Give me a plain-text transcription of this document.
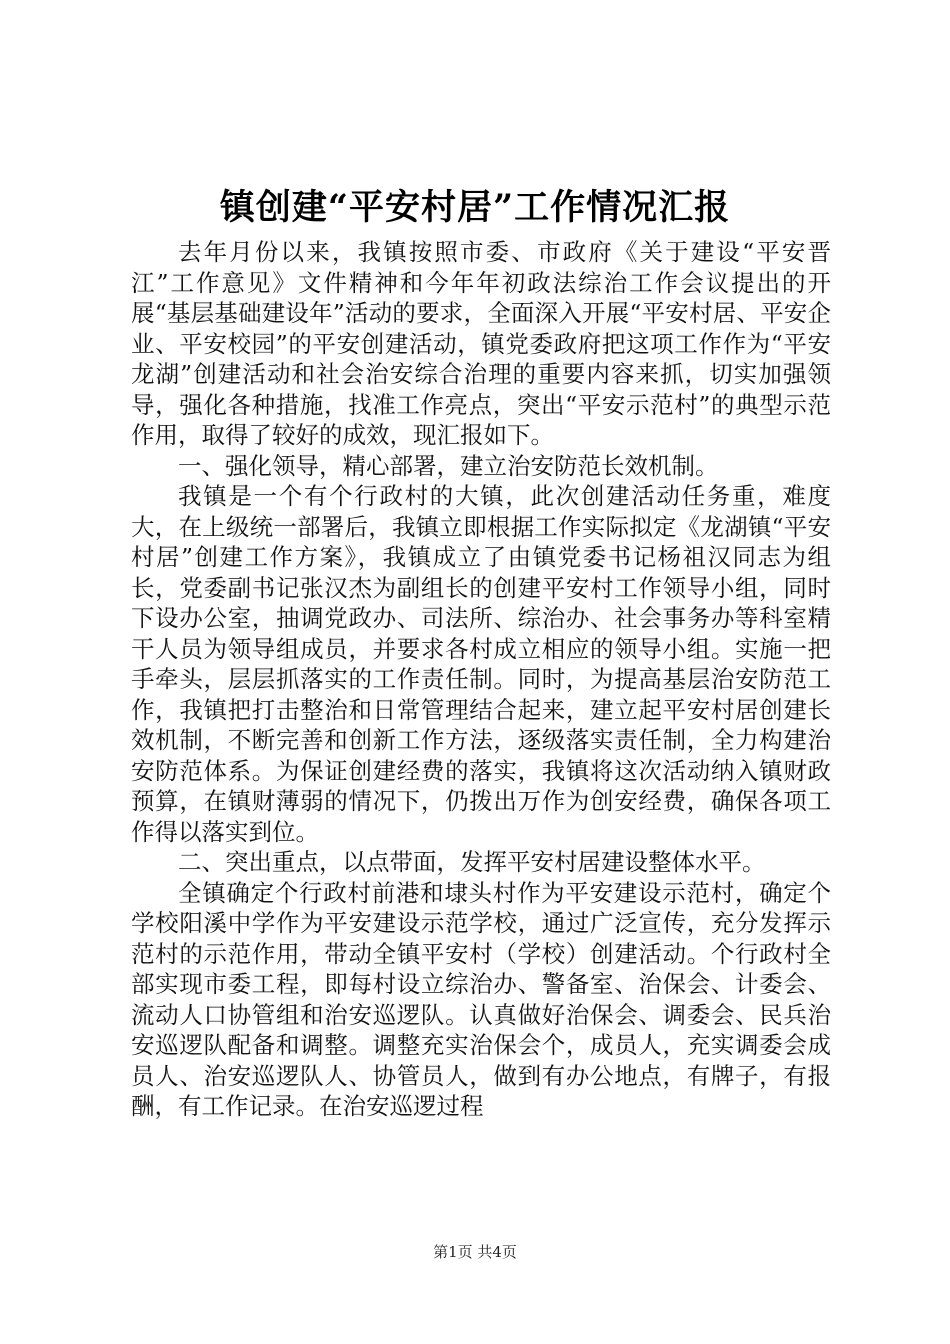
镇创建“平安村居”工作情况汇报

去年月份以来，我镇按照市委、市政府《关于建设“平安晋江”工作意见》文件精神和今年年初政法综治工作会议提出的开展“基层基础建设年”活动的要求，全面深入开展“平安村居、平安企业、平安校园”的平安创建活动，镇党委政府把这项工作作为“平安龙湖”创建活动和社会治安综合治理的重要内容来抓，切实加强领导，强化各种措施，找准工作亮点，突出“平安示范村”的典型示范作用，取得了较好的成效，现汇报如下。

一、强化领导，精心部署，建立治安防范长效机制。

我镇是一个有个行政村的大镇，此次创建活动任务重，难度大，在上级统一部署后，我镇立即根据工作实际拟定《龙湖镇“平安村居”创建工作方案》，我镇成立了由镇党委书记杨祖汉同志为组长，党委副书记张汉杰为副组长的创建平安村工作领导小组，同时下设办公室，抽调党政办、司法所、综治办、社会事务办等科室精干人员为领导组成员，并要求各村成立相应的领导小组。实施一把手牵头，层层抓落实的工作责任制。同时，为提高基层治安防范工作，我镇把打击整治和日常管理结合起来，建立起平安村居创建长效机制，不断完善和创新工作方法，逐级落实责任制，全力构建治安防范体系。为保证创建经费的落实，我镇将这次活动纳入镇财政预算，在镇财薄弱的情况下，仍拨出万作为创安经费，确保各项工作得以落实到位。

二、突出重点，以点带面，发挥平安村居建设整体水平。

全镇确定个行政村前港和埭头村作为平安建设示范村，确定个学校阳溪中学作为平安建设示范学校，通过广泛宣传，充分发挥示范村的示范作用，带动全镇平安村（学校）创建活动。个行政村全部实现市委工程，即每村设立综治办、警备室、治保会、计委会、流动人口协管组和治安巡逻队。认真做好治保会、调委会、民兵治安巡逻队配备和调整。调整充实治保会个，成员人，充实调委会成员人、治安巡逻队人、协管员人，做到有办公地点，有牌子，有报酬，有工作记录。在治安巡逻过程

第1页 共4页
